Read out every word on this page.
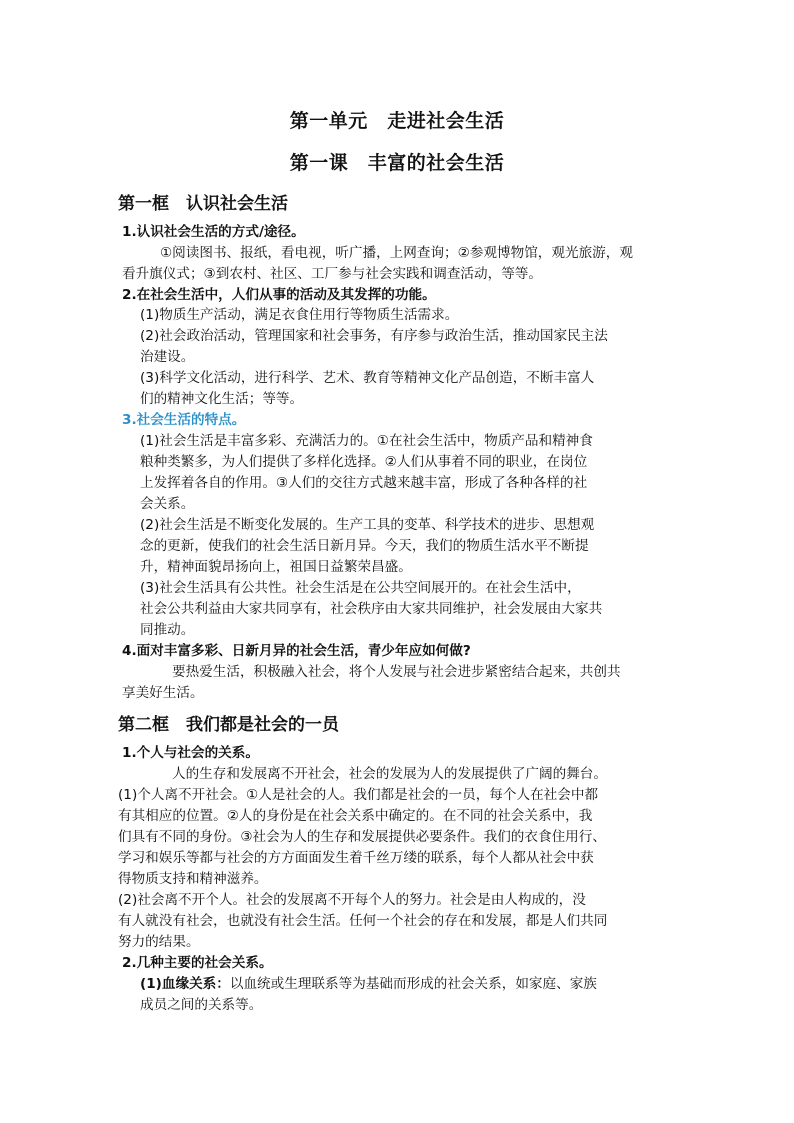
第一单元　走进社会生活
第一课　丰富的社会生活
第一框　认识社会生活
1.认识社会生活的方式/途径。
①阅读图书、报纸，看电视，听广播，上网查询；②参观博物馆，观光旅游，观
看升旗仪式；③到农村、社区、工厂参与社会实践和调查活动，等等。
2.在社会生活中，人们从事的活动及其发挥的功能。
(1)物质生产活动，满足衣食住用行等物质生活需求。
(2)社会政治活动，管理国家和社会事务，有序参与政治生活，推动国家民主法
治建设。
(3)科学文化活动，进行科学、艺术、教育等精神文化产品创造，不断丰富人
们的精神文化生活；等等。
3.社会生活的特点。
(1)社会生活是丰富多彩、充满活力的。①在社会生活中，物质产品和精神食
粮种类繁多，为人们提供了多样化选择。②人们从事着不同的职业，在岗位
上发挥着各自的作用。③人们的交往方式越来越丰富，形成了各种各样的社
会关系。
(2)社会生活是不断变化发展的。生产工具的变革、科学技术的进步、思想观
念的更新，使我们的社会生活日新月异。今天，我们的物质生活水平不断提
升，精神面貌昂扬向上，祖国日益繁荣昌盛。
(3)社会生活具有公共性。社会生活是在公共空间展开的。在社会生活中，
社会公共利益由大家共同享有，社会秩序由大家共同维护，社会发展由大家共
同推动。
4.面对丰富多彩、日新月异的社会生活，青少年应如何做?
要热爱生活，积极融入社会，将个人发展与社会进步紧密结合起来，共创共
享美好生活。
第二框　我们都是社会的一员
1.个人与社会的关系。
人的生存和发展离不开社会，社会的发展为人的发展提供了广阔的舞台。
(1)个人离不开社会。①人是社会的人。我们都是社会的一员，每个人在社会中都
有其相应的位置。②人的身份是在社会关系中确定的。在不同的社会关系中，我
们具有不同的身份。③社会为人的生存和发展提供必要条件。我们的衣食住用行、
学习和娱乐等都与社会的方方面面发生着千丝万缕的联系，每个人都从社会中获
得物质支持和精神滋养。
(2)社会离不开个人。社会的发展离不开每个人的努力。社会是由人构成的，没
有人就没有社会，也就没有社会生活。任何一个社会的存在和发展，都是人们共同
努力的结果。
2.几种主要的社会关系。
(1)血缘关系：以血统或生理联系等为基础而形成的社会关系，如家庭、家族
成员之间的关系等。
